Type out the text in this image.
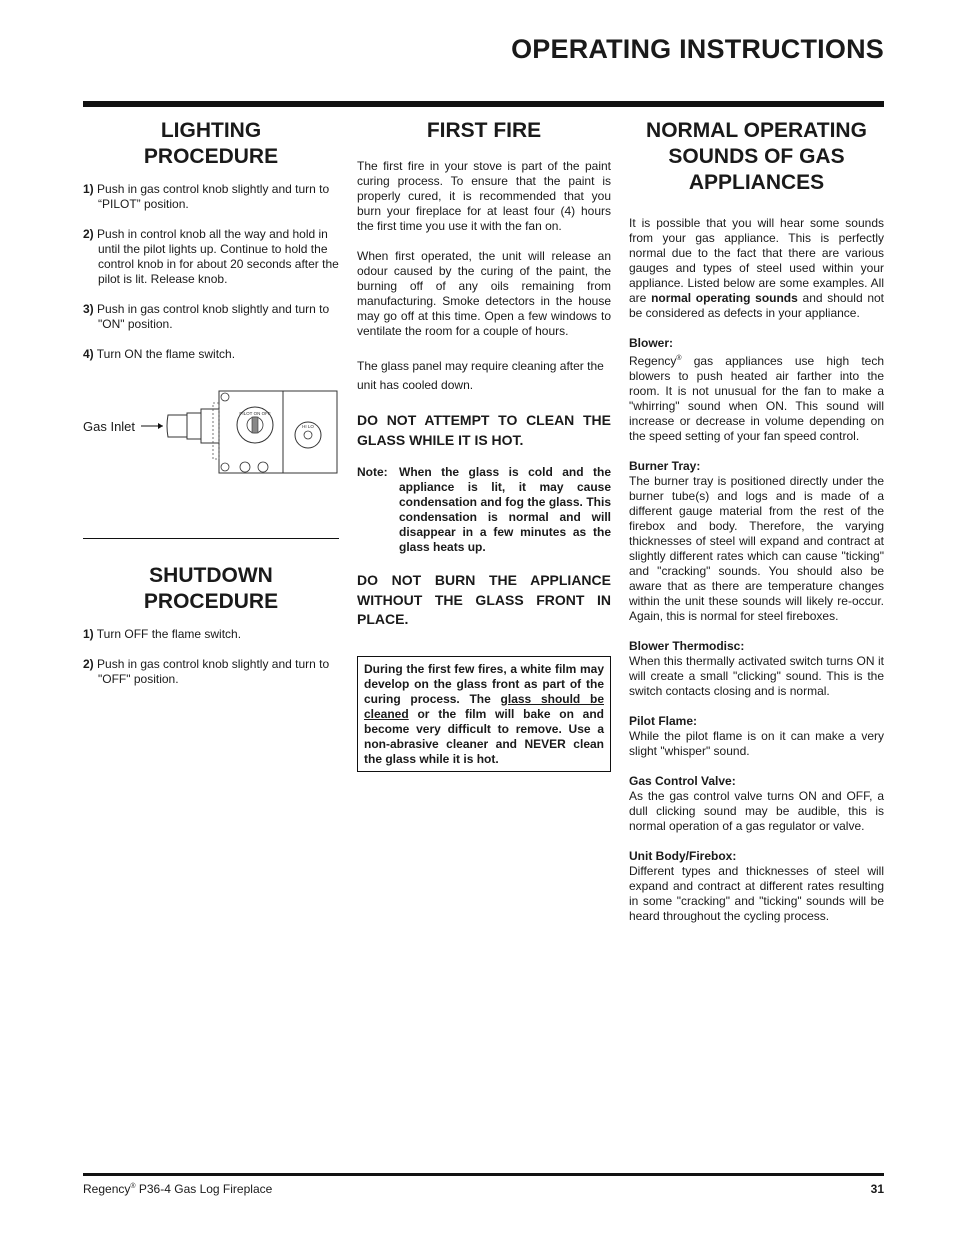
OPERATING INSTRUCTIONS
LIGHTING
PROCEDURE
1) Push in gas control knob slightly and turn to “PILOT” position.
2) Push in control knob all the way and hold in until the pilot lights up. Continue to hold the control knob in for about 20 seconds after the pilot is lit. Release knob.
3) Push in gas control knob slightly and turn to "ON" position.
4) Turn ON the flame switch.
Gas Inlet
PILOT ON OFF
HI LO
SHUTDOWN
PROCEDURE
1) Turn OFF the flame switch.
2) Push in gas control knob slightly and turn to "OFF" position.
FIRST FIRE

The first fire in your stove is part of the paint curing process. To ensure that the paint is properly cured, it is recommended that you burn your fireplace for at least four (4) hours the first time you use it with the fan on.

When first operated, the unit will release an odour caused by the curing of the paint, the burning off of any oils remaining from manufacturing. Smoke detectors in the house may go off at this time. Open a few windows to ventilate the room for a couple of hours.

The glass panel may require cleaning after the unit has cooled down.

DO NOT ATTEMPT TO CLEAN THE GLASS WHILE IT IS HOT.
Note: When the glass is cold and the appliance is lit, it may cause condensation and fog the glass. This condensation is normal and will disappear in a few minutes as the glass heats up.
DO NOT BURN THE APPLIANCE WITHOUT THE GLASS FRONT IN PLACE.
During the first few fires, a white film may develop on the glass front as part of the curing process. The glass should be cleaned or the film will bake on and become very difficult to remove. Use a non-abrasive cleaner and NEVER clean the glass while it is hot.
NORMAL OPERATING
SOUNDS OF GAS
APPLIANCES

It is possible that you will hear some sounds from your gas appliance. This is perfectly normal due to the fact that there are various gauges and types of steel used within your appliance. Listed below are some examples. All are normal operating sounds and should not be considered as defects in your appliance.

Blower:

Regency® gas appliances use high tech blowers to push heated air farther into the room. It is not unusual for the fan to make a "whirring" sound when ON. This sound will increase or decrease in volume depending on the speed setting of your fan speed control.

Burner Tray:

The burner tray is positioned directly under the burner tube(s) and logs and is made of a different gauge material from the rest of the firebox and body. Therefore, the varying thicknesses of steel will expand and contract at slightly different rates which can cause "ticking" and "cracking" sounds. You should also be aware that as there are temperature changes within the unit these sounds will likely re-occur. Again, this is normal for steel fireboxes.

Blower Thermodisc:

When this thermally activated switch turns ON it will create a small "clicking" sound. This is the switch contacts closing and is normal.

Pilot Flame:

While the pilot flame is on it can make a very slight "whisper" sound.

Gas Control Valve:

As the gas control valve turns ON and OFF, a dull clicking sound may be audible, this is normal operation of a gas regulator or valve.

Unit Body/Firebox:

Different types and thicknesses of steel will expand and contract at different rates resulting in some "cracking" and "ticking" sounds will be heard throughout the cycling process.

Regency® P36-4 Gas Log Fireplace	31
